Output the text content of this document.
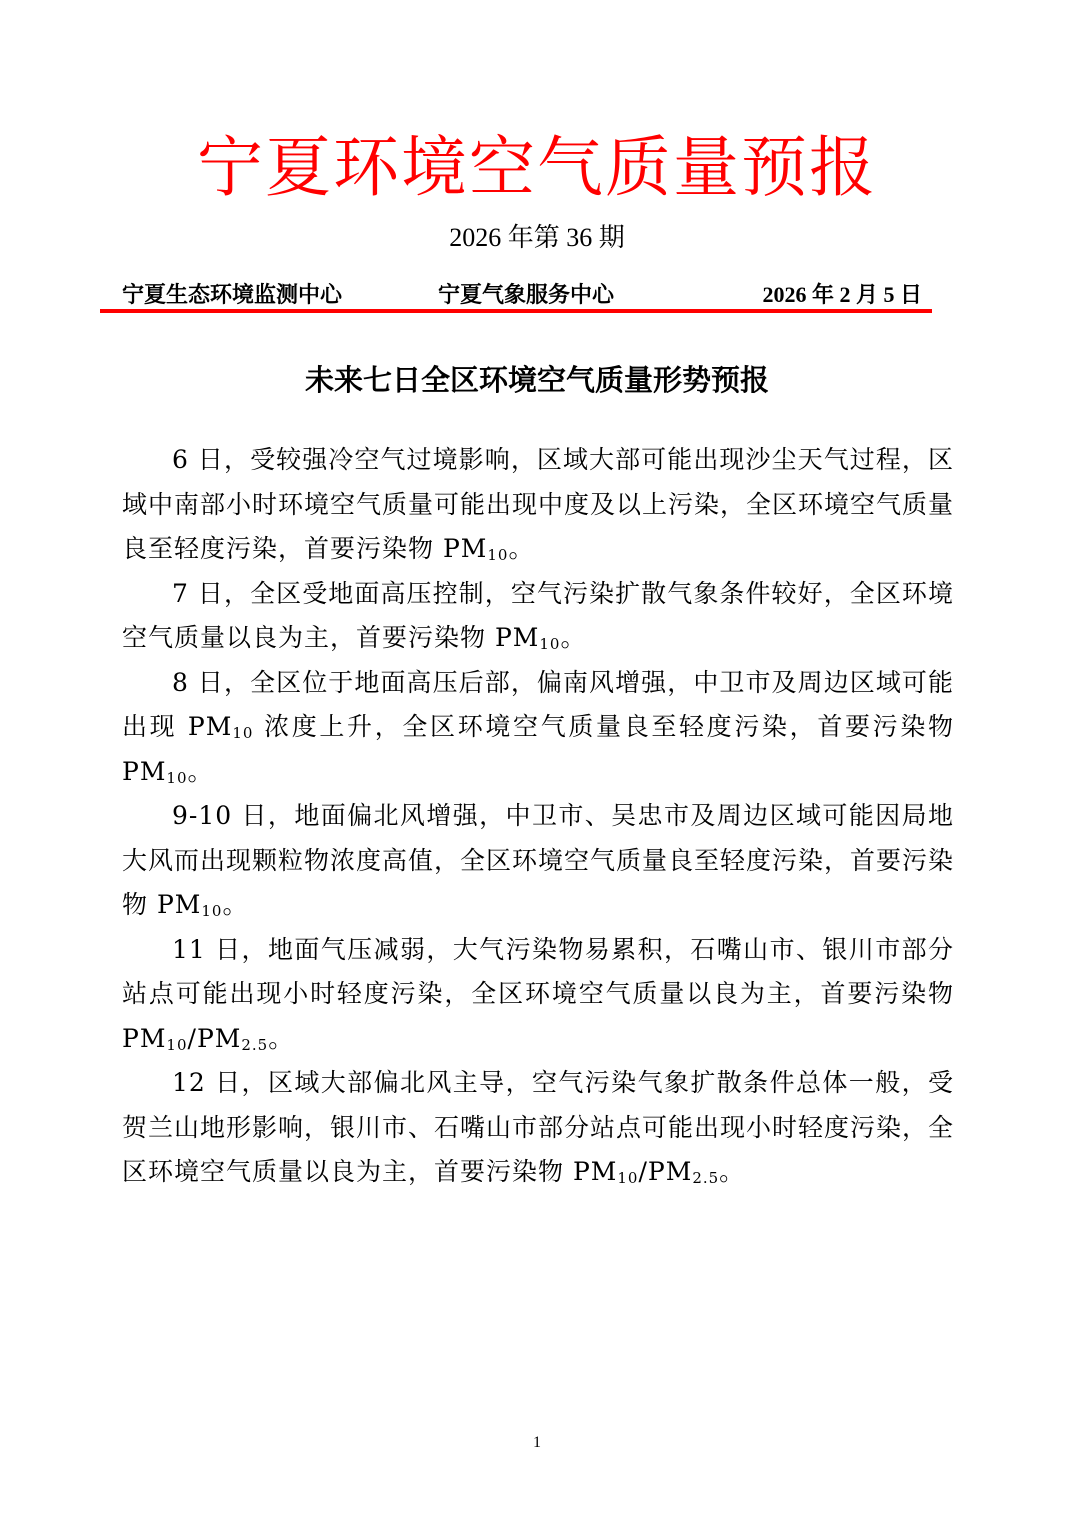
宁夏环境空气质量预报
2026 年第 36 期
宁夏生态环境监测中心	宁夏气象服务中心	2026 年 2 月 5 日
未来七日全区环境空气质量形势预报

6 日，受较强冷空气过境影响，区域大部可能出现沙尘天气过程，区域中南部小时环境空气质量可能出现中度及以上污染，全区环境空气质量良至轻度污染，首要污染物 $PM_{10}$。

7 日，全区受地面高压控制，空气污染扩散气象条件较好，全区环境空气质量以良为主，首要污染物 $PM_{10}$。

8 日，全区位于地面高压后部，偏南风增强，中卫市及周边区域可能出现 $PM_{10}$ 浓度上升，全区环境空气质量良至轻度污染，首要污染物 $PM_{10}$。

9-10 日，地面偏北风增强，中卫市、吴忠市及周边区域可能因局地大风而出现颗粒物浓度高值，全区环境空气质量良至轻度污染，首要污染物 $PM_{10}$。

11 日，地面气压减弱，大气污染物易累积，石嘴山市、银川市部分站点可能出现小时轻度污染，全区环境空气质量以良为主，首要污染物 $PM_{10}/PM_{2.5}$。

12 日，区域大部偏北风主导，空气污染气象扩散条件总体一般，受贺兰山地形影响，银川市、石嘴山市部分站点可能出现小时轻度污染，全区环境空气质量以良为主，首要污染物 $PM_{10}/PM_{2.5}$。

1
